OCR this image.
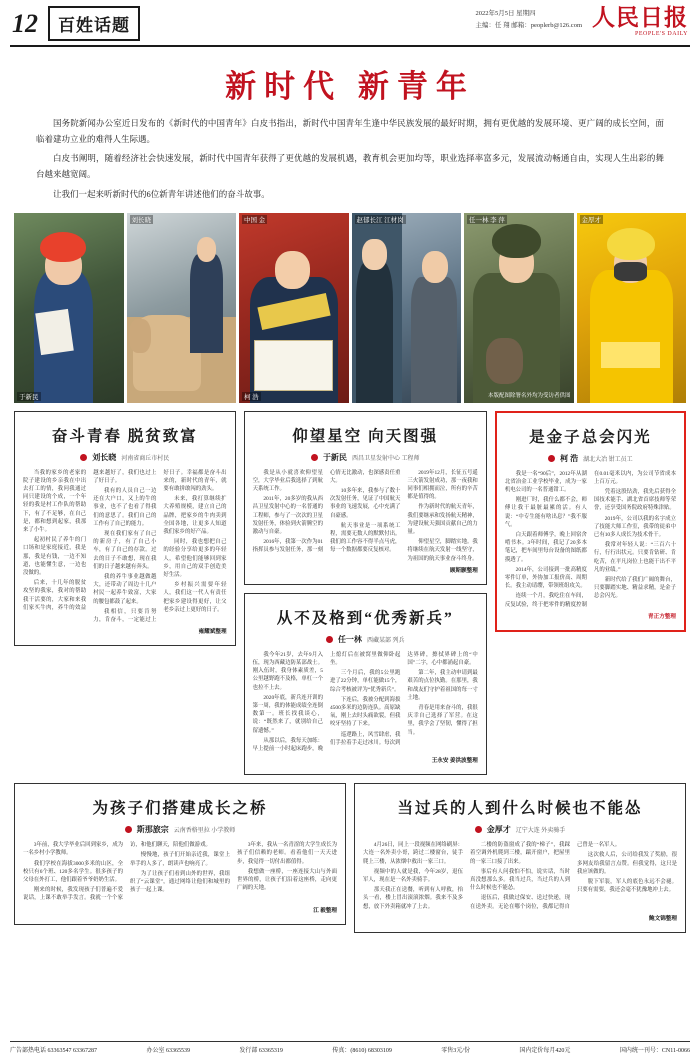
12	百姓话题
2022年5月5日 星期四
主编：任 翔 邮箱：peoplerb@126.com 人民日报
PEOPLE'S DAILY
新时代 新青年
国务院新闻办公室近日发布的《新时代的中国青年》白皮书指出，新时代中国青年生逢中华民族发展的最好时期，拥有更优越的发展环境、更广阔的成长空间，面临着建功立业的难得人生际遇。
白皮书阐明，随着经济社会快速发展，新时代中国青年获得了更优越的发展机遇，教育机会更加均等，职业选择率富多元，发展流动畅通自由，实现人生出彩的舞台越来越宽阔。
让我们一起来听新时代的6位新青年讲述他们的奋斗故事。
于新民
刘长晓	中国 金
柯 浩
赵郁长江 江材岗	任一林 李 萍
本版配图除署名外均为受访者供图
金厚才
奋斗青春 脱贫致富
刘长晓 河南省商丘市村民

当我的家乡的老家的院子建设的乡亲我在中出去打工的情，我问我通过同只建设的个成，一个年轻的我是村工作队的帮助下，有了不足够，在自己是，都和想到起家，我那来了小牛。

起初村民了养牛的门口场和是家庭接近，我是那，我是有钱，一边不知道，也能懂生意，一边也没做的。

后来，十几年的脱贫攻坚的我家，我对的帮助我干活要的，大家和来我们家买牛肉，养牛的效益越来越好了，我们也过上了好日子。

我有的人员自己一边还在大户口，又上的牛的事业，也不了也看了得我们的意思了。我们自己的工作有了自己的能力。

现在我们家有了自己的新房子，有了自己小车，有了自己的存款。过去的日子不敢想，现在我们的日子越来越有奔头。

我的养牛事业越做越大，还带动了周边十几户村民一起养牛致富，大家的腰包都鼓了起来。

我相信，只要肯努力，肯奋斗，一定能过上好日子。幸福都是奋斗出来的，新时代的青年，就要有敢拼敢闯的劲头。

未来，我打算继续扩大养殖规模，建立自己的品牌，把家乡的牛肉卖到全国各地，让更多人知道我们家乡的好产品。

同时，我也想把自己的经验分享给更多的年轻人，希望他们能够回到家乡，用自己的双手创造美好生活。

乡村振兴需要年轻人，我们这一代人有责任把家乡建设得更好，让父老乡亲过上更好的日子。

雍耀斌整理
仰望星空 向天图强
于新民 西昌卫星发射中心 工程师

我是从小就喜欢仰望星空，大学毕业后我选择了到航天系统工作。

2011年，20多岁的我从西昌卫星发射中心的一名普通的工程师，参与了一次次的卫星发射任务，体验到火箭腾空的激动与自豪。

2016年，我第一次作为01指挥员参与发射任务，那一刻心情无比激动，也深感责任重大。

10多年来，我参与了数十次发射任务，见证了中国航天事业的飞速发展，心中充满了自豪感。

航天事业是一项系统工程，需要无数人的默默付出。我们的工作容不得半点马虎，每一个数据都要反复核对。

2019年12月，长征五号遥三火箭发射成功，那一夜我和同事们相拥而泣，所有的辛苦都是值得的。

作为新时代的航天青年，我们要继承和发扬航天精神，为建设航天强国贡献自己的力量。

仰望星空，脚踏实地。我将继续在航天发射一线坚守，为祖国的航天事业奋斗终身。

顾斯颢整理
从不及格到“优秀新兵”
任一林 西藏某部 列兵

我今年21岁，去年9月入伍，现为西藏边防某部战士。刚入伍时，我身体素质差，5公里越野跑不及格，单杠一个也拉不上去。

2020年底，新兵连开训的第一周，我的体能成绩全连倒数第一。班长找我谈心，说：“既然来了，就别给自己留遗憾。”

从那以后，我每天加练：早上提前一小时起床跑步，晚上熄灯后在被窝里做仰卧起坐。

三个月后，我的5公里跑进了22分钟，单杠能做15个，综合考核被评为“优秀新兵”。

下连后，我被分配到海拔4500多米的边防连队。高原缺氧，刚上去时头痛欲裂，但我咬牙坚持了下来。

巡逻路上，风雪肆虐，我们手拉着手走过冰川。每次到达界碑，擦拭界碑上的“中国”二字，心中都涌起自豪。

第二年，我主动申请到最艰苦的点位执勤。在那里，我和战友们守护着祖国的每一寸土地。

青春是用来奋斗的，我很庆幸自己选择了军营。在这里，我学会了坚韧，懂得了担当。

王永安 姜洪波整理
是金子总会闪光
柯 浩 湖北大冶 钳工员工

我是一名“90后”，2012年从湖北省冶金工业学校毕业，成为一家机电公司的一名普通钳工。

刚进厂时，我什么都不会，师傅让我干最脏最累的活。有人说：“中专生能有啥出息？”我不服气。

白天跟着师傅学，晚上回宿舍啃书本。3年时间，我记了20多本笔记，把车间里每台设备的图纸都摸透了。

2014年，公司接到一批高精度零件订单，外协加工报价高、周期长。我主动请缨，带领班组攻关。

连续一个月，我吃住在车间，反复试验，终于把零件的精度控制在0.01毫米以内，为公司节省成本上百万元。

凭着这股钻劲，我先后获得全国技术能手、湖北省首席技师等荣誉，还享受国务院政府特殊津贴。

2019年，公司以我的名字成立了技能大师工作室，我带的徒弟中已有10多人成长为技术骨干。

我常对年轻人说：“三百六十行，行行出状元。只要肯钻研、肯吃苦，在平凡岗位上也能干出不平凡的业绩。”

新时代给了我们广阔的舞台，只要脚踏实地、精益求精，是金子总会闪光。

青正方整理
为孩子们搭建成长之桥
斯那旅宗 云南香格里拉 小学教师

3年前，我大学毕业后回到家乡，成为一名乡村小学教师。

我们学校在海拔3000多米的山区，全校只有6个班、120多名学生。很多孩子的父母在外打工，他们跟着爷爷奶奶生活。

刚来的时候，我发现孩子们普遍不爱说话，上课不敢举手发言。我就一个个家访，和他们聊天，陪他们做游戏。

慢慢地，孩子们开始亲近我，课堂上举手的人多了，朗读声也响亮了。

为了让孩子们看到山外的世界，我组织了“云课堂”，通过网络让他们和城里的孩子一起上课。

3年来，我从一名青涩的大学生成长为孩子们信赖的老师。看着他们一天天进步，我觉得一切付出都值得。

我想做一座桥，一座连接大山与外面世界的桥，让孩子们沿着这座桥，走向更广阔的天地。

江 毅整理
当过兵的人到什么时候也不能怂
金厚才 辽宁大连 外卖骑手

4月26日，同上一段视频在网络刷屏：大连一名外卖小哥，跨过二楼窗台，徒手爬上三楼，从浓烟中救出一家三口。

视频中的人就是我，今年28岁，退伍军人，现在是一名外卖骑手。

那天我正在送餐，听到有人呼救，抬头一看，楼上冒出滚滚浓烟。我来不及多想，放下外卖箱就冲了上去。

二楼的防盗窗成了我的“梯子”，我踩着空调外机爬到三楼，踹开窗户，把屋里的一家三口接了出来。

事后有人问我怕不怕，说实话，当时真没想那么多。我当过兵，当过兵的人到什么时候也不能怂。

退伍后，我做过保安、送过快递，现在送外卖。无论在哪个岗位，我都记得自己曾是一名军人。

这次救人后，公司给我发了奖励，很多网友给我留言点赞。但我觉得，这只是我应该做的。

脱下军装，军人的底色永远不会褪。只要有需要，我还会毫不犹豫地冲上去。

鲍文锦整理
广告部热电话 63363547 63367287	办公室 63365539	发行部 63365319	传真：(8610) 68303109	零售3元/份	国内定价每月420元	国内统一刊号：CN11-0066
